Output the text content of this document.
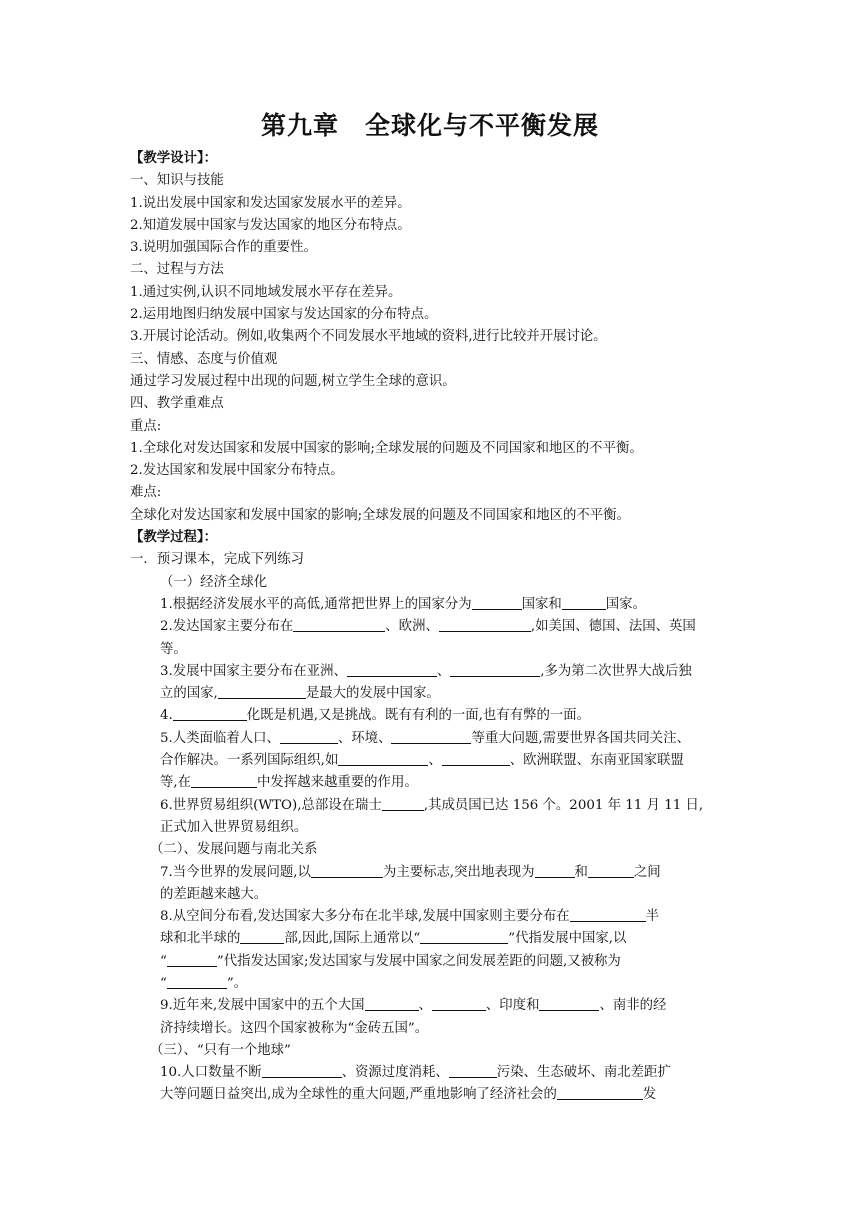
第九章　全球化与不平衡发展
【教学设计】：
一、知识与技能
1.说出发展中国家和发达国家发展水平的差异。
2.知道发展中国家与发达国家的地区分布特点。
3.说明加强国际合作的重要性。
二、过程与方法
1.通过实例,认识不同地域发展水平存在差异。
2.运用地图归纳发展中国家与发达国家的分布特点。
3.开展讨论活动。例如,收集两个不同发展水平地域的资料,进行比较并开展讨论。
三、情感、态度与价值观
通过学习发展过程中出现的问题,树立学生全球的意识。
四、教学重难点
重点:
1.全球化对发达国家和发展中国家的影响;全球发展的问题及不同国家和地区的不平衡。
2.发达国家和发展中国家分布特点。
难点:
全球化对发达国家和发展中国家的影响;全球发展的问题及不同国家和地区的不平衡。
【教学过程】：
一．预习课本，完成下列练习
（一）经济全球化
1.根据经济发展水平的高低,通常把世界上的国家分为	国家和	国家。
2.发达国家主要分布在	、欧洲、	,如美国、德国、法国、英国
等。
3.发展中国家主要分布在亚洲、	、	,多为第二次世界大战后独
立的国家,	是最大的发展中国家。
4.	化既是机遇,又是挑战。既有有利的一面,也有有弊的一面。
5.人类面临着人口、	、环境、	等重大问题,需要世界各国共同关注、
合作解决。一系列国际组织,如	、	、欧洲联盟、东南亚国家联盟
等,在	中发挥越来越重要的作用。
6.世界贸易组织(WTO),总部设在瑞士	,其成员国已达 156 个。2001 年 11 月 11 日,
正式加入世界贸易组织。
（二）、发展问题与南北关系
7.当今世界的发展问题,以	为主要标志,突出地表现为	和	之间
的差距越来越大。
8.从空间分布看,发达国家大多分布在北半球,发展中国家则主要分布在	半
球和北半球的	部,因此,国际上通常以“	”代指发展中国家,以
“	”代指发达国家;发达国家与发展中国家之间发展差距的问题,又被称为
“	”。
9.近年来,发展中国家中的五个大国	、	、印度和	、南非的经
济持续增长。这四个国家被称为“金砖五国”。
（三）、“只有一个地球”
10.人口数量不断	、资源过度消耗、	污染、生态破坏、南北差距扩
大等问题日益突出,成为全球性的重大问题,严重地影响了经济社会的	发
